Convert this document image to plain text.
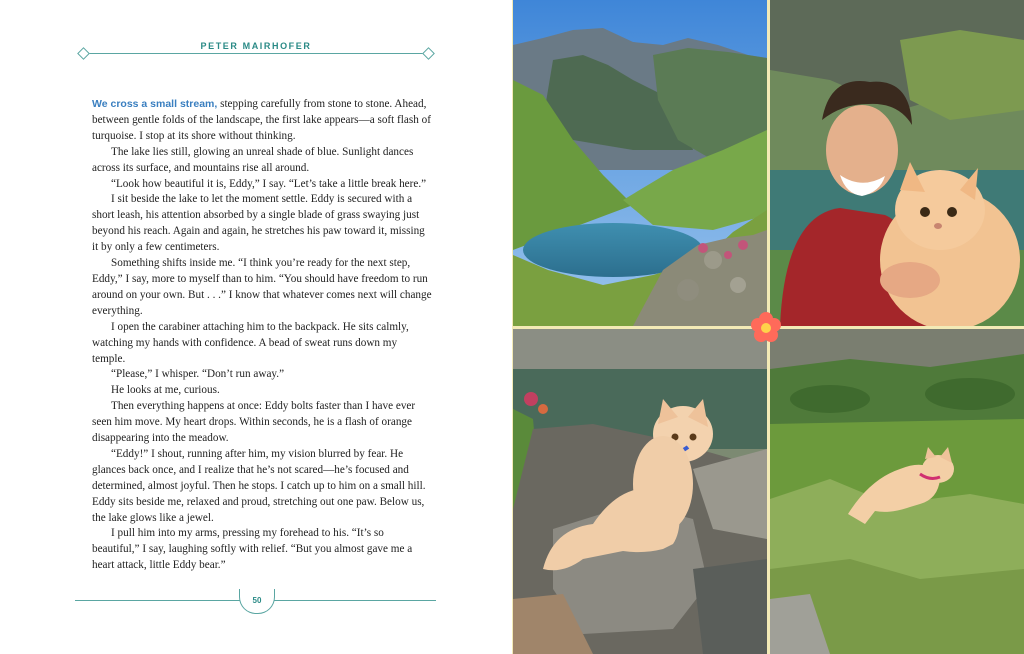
PETER MAIRHOFER

We cross a small stream, stepping carefully from stone to stone. Ahead, between gentle folds of the landscape, the first lake appears—a soft flash of turquoise. I stop at its shore without thinking.

The lake lies still, glowing an unreal shade of blue. Sunlight dances across its surface, and mountains rise all around.

“Look how beautiful it is, Eddy,” I say. “Let’s take a little break here.”

I sit beside the lake to let the moment settle. Eddy is secured with a short leash, his attention absorbed by a single blade of grass swaying just beyond his reach. Again and again, he stretches his paw toward it, missing it by only a few centimeters.

Something shifts inside me. “I think you’re ready for the next step, Eddy,” I say, more to myself than to him. “You should have freedom to run around on your own. But . . .” I know that whatever comes next will change everything.

I open the carabiner attaching him to the backpack. He sits calmly, watching my hands with confidence. A bead of sweat runs down my temple.

“Please,” I whisper. “Don’t run away.”

He looks at me, curious.

Then everything happens at once: Eddy bolts faster than I have ever seen him move. My heart drops. Within seconds, he is a flash of orange disappearing into the meadow.

“Eddy!” I shout, running after him, my vision blurred by fear. He glances back once, and I realize that he’s not scared—he’s focused and determined, almost joyful. Then he stops. I catch up to him on a small hill. Eddy sits beside me, relaxed and proud, stretching out one paw. Below us, the lake glows like a jewel.

I pull him into my arms, pressing my forehead to his. “It’s so beautiful,” I say, laughing softly with relief. “But you almost gave me a heart attack, little Eddy bear.”

50
